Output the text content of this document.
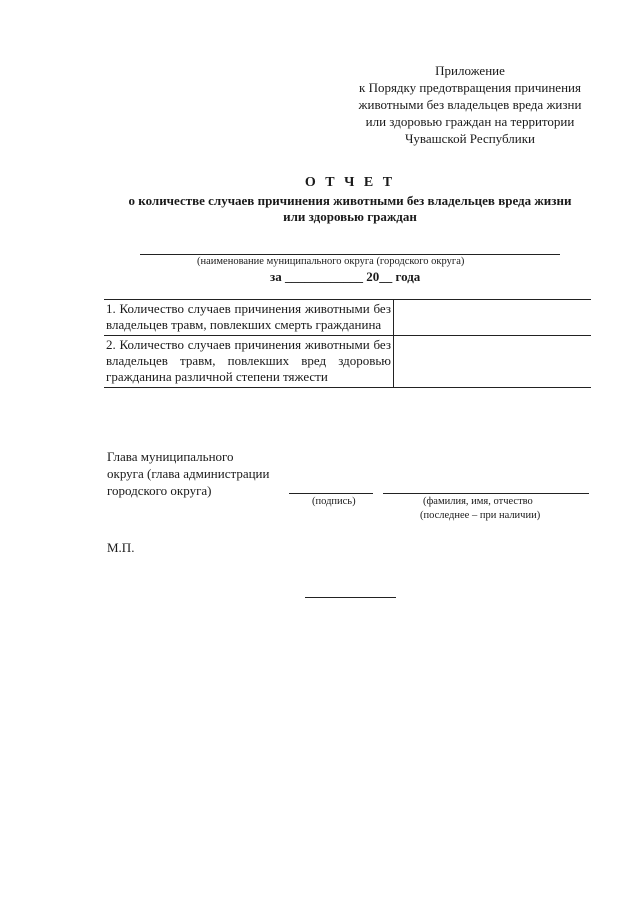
Приложение
к Порядку предотвращения причинения
животными без владельцев вреда жизни
или здоровью граждан на территории
Чувашской Республики
О Т Ч Е Т
о количестве случаев причинения животными без владельцев вреда жизни
или здоровью граждан
(наименование муниципального округа (городского округа)
за ____________ 20__ года
1. Количество случаев причинения животными без владельцев травм, повлекших смерть гражданина	
2. Количество случаев причинения животными без владельцев травм, повлекших вред здоровью гражданина различной степени тяжести	
Глава муниципального
округа (глава администрации
городского округа)
(подпись)	(фамилия, имя, отчество
(последнее – при наличии)
М.П.
